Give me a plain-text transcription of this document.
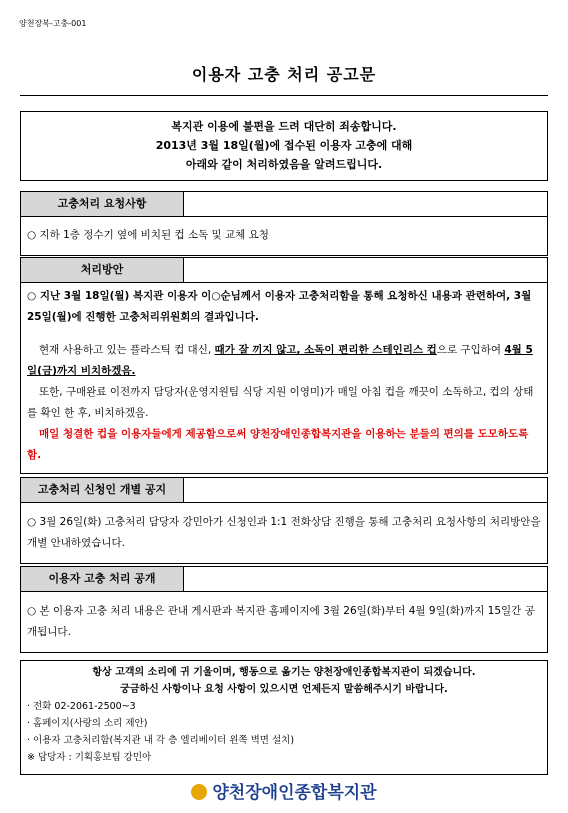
양천장복-고충-001
이용자 고충 처리 공고문
복지관 이용에 불편을 드려 대단히 죄송합니다.
2013년 3월 18일(월)에 접수된 이용자 고충에 대해
아래와 같이 처리하였음을 알려드립니다.
고충처리 요청사항

○ 지하 1층 정수기 옆에 비치된 컵 소독 및 교체 요청

처리방안

○ 지난 3월 18일(월) 복지관 이용자 이○순님께서 이용자 고충처리함을 통해 요청하신 내용과 관련하여, 3월 25일(월)에 진행한 고충처리위원회의 결과입니다.

현재 사용하고 있는 플라스틱 컵 대신, 때가 잘 끼지 않고, 소독이 편리한 스테인리스 컵으로 구입하여 4월 5일(금)까지 비치하겠음.

또한, 구매완료 이전까지 담당자(운영지원팀 식당 지원 이영미)가 매일 아침 컵을 깨끗이 소독하고, 컵의 상태를 확인 한 후, 비치하겠음.

매일 청결한 컵을 이용자들에게 제공함으로써 양천장애인종합복지관을 이용하는 분들의 편의를 도모하도록 함.

고충처리 신청인 개별 공지

○ 3월 26일(화) 고충처리 담당자 강민아가 신청인과 1:1 전화상담 진행을 통해 고충처리 요청사항의 처리방안을 개별 안내하였습니다.

이용자 고충 처리 공개

○ 본 이용자 고충 처리 내용은 관내 게시판과 복지관 홈페이지에 3월 26일(화)부터 4월 9일(화)까지 15일간 공개됩니다.

항상 고객의 소리에 귀 기울이며, 행동으로 옮기는 양천장애인종합복지관이 되겠습니다.
궁금하신 사항이나 요청 사항이 있으시면 언제든지 말씀해주시기 바랍니다.
· 전화 02-2061-2500~3
· 홈페이지(사랑의 소리 제안)
· 이용자 고충처리함(복지관 내 각 층 엘리베이터 왼쪽 벽면 설치)
※ 담당자 : 기획홍보팀 강민아
양천장애인종합복지관
